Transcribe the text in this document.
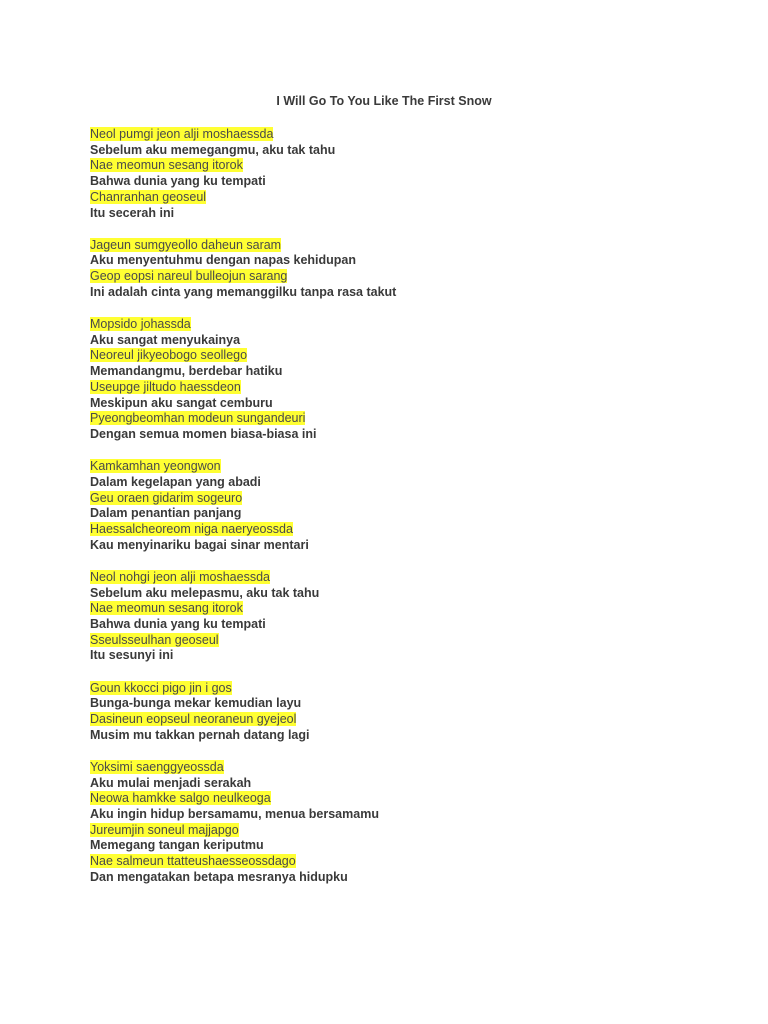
I Will Go To You Like The First Snow
Neol pumgi jeon alji moshaessda
Sebelum aku memegangmu, aku tak tahu
Nae meomun sesang itorok
Bahwa dunia yang ku tempati
Chanranhan geoseul
Itu secerah ini
Jageun sumgyeollo daheun saram
Aku menyentuhmu dengan napas kehidupan
Geop eopsi nareul bulleojun sarang
Ini adalah cinta yang memanggilku tanpa rasa takut
Mopsido johassda
Aku sangat menyukainya
Neoreul jikyeobogo seollego
Memandangmu, berdebar hatiku
Useupge jiltudo haessdeon
Meskipun aku sangat cemburu
Pyeongbeomhan modeun sungandeuri
Dengan semua momen biasa-biasa ini
Kamkamhan yeongwon
Dalam kegelapan yang abadi
Geu oraen gidarim sogeuro
Dalam penantian panjang
Haessalcheoreom niga naeryeossda
Kau menyinariku bagai sinar mentari
Neol nohgi jeon alji moshaessda
Sebelum aku melepasmu, aku tak tahu
Nae meomun sesang itorok
Bahwa dunia yang ku tempati
Sseulsseulhan geoseul
Itu sesunyi ini
Goun kkocci pigo jin i gos
Bunga-bunga mekar kemudian layu
Dasineun eopseul neoraneun gyejeol
Musim mu takkan pernah datang lagi
Yoksimi saenggyeossda
Aku mulai menjadi serakah
Neowa hamkke salgo neulkeoga
Aku ingin hidup bersamamu, menua bersamamu
Jureumjin soneul majjapgo
Memegang tangan keriputmu
Nae salmeun ttatteushaesseossdago
Dan mengatakan betapa mesranya hidupku
